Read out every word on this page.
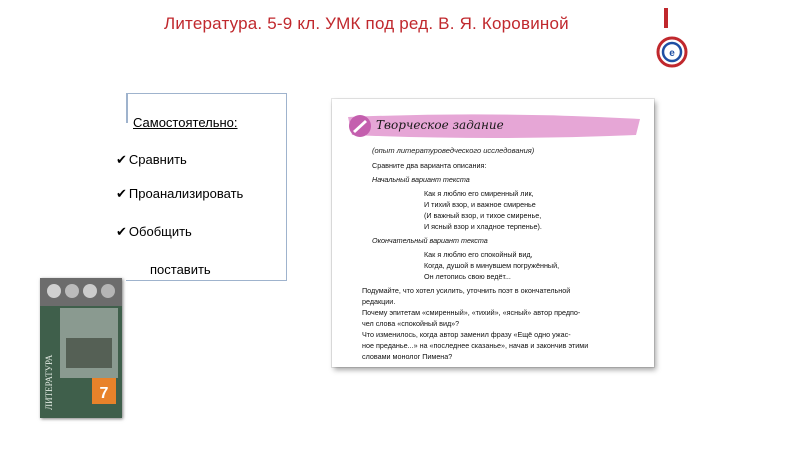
Литература. 5-9 кл. УМК под ред. В. Я. Коровиной
e
Самостоятельно:
✔ Сравнить
✔ Проанализировать
✔ Обобщить
поставить
7
ЛИТЕРАТУРА
Творческое задание
(опыт литературоведческого исследования)
Сравните два варианта описания:
Начальный вариант текста
Как я люблю его смиренный лик,
И тихий взор, и важное смиренье
(И важный взор, и тихое смиренье,
И ясный взор и хладное терпенье).
Окончательный вариант текста
Как я люблю его спокойный вид,
Когда, душой в минувшем погружённый,
Он летопись свою ведёт...
Подумайте, что хотел усилить, уточнить поэт в окончательной
редакции.
Почему эпитетам «смиренный», «тихий», «ясный» автор предпо-
чел слова «спокойный вид»?
Что изменилось, когда автор заменил фразу «Ещё одно ужас-
ное преданье...» на «последнее сказанье», начав и закончив этими
словами монолог Пимена?
